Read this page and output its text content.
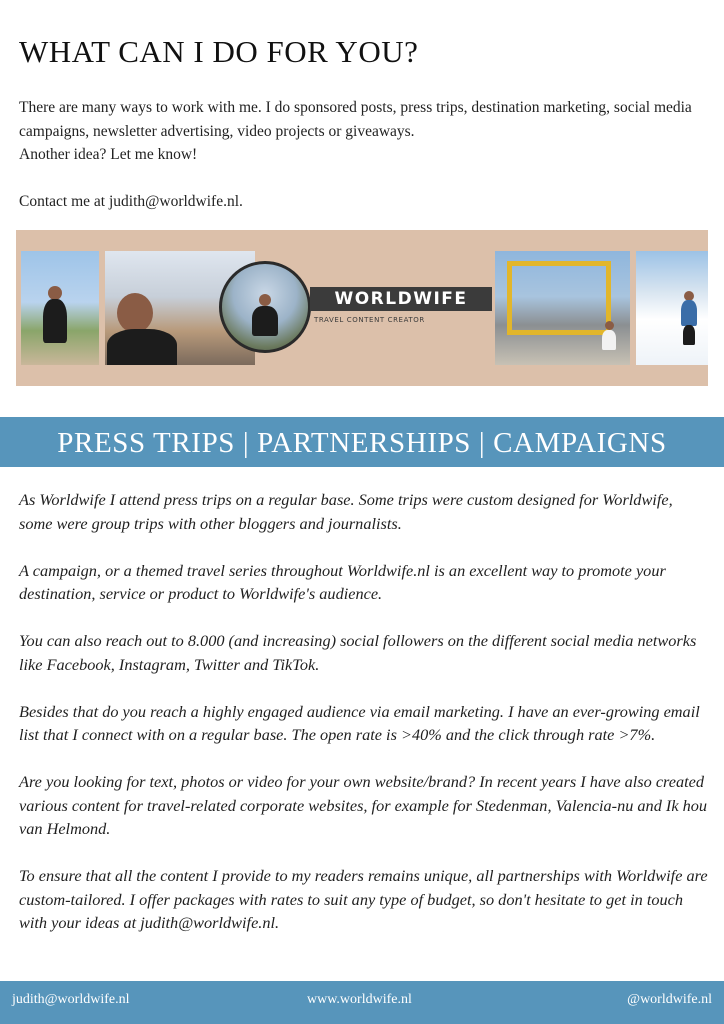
WHAT CAN I DO FOR YOU?

There are many ways to work with me. I do sponsored posts, press trips, destination marketing, social media campaigns, newsletter advertising, video projects or giveaways.

Another idea? Let me know!

Contact me at judith@worldwife.nl.

WORLDWIFE
TRAVEL CONTENT CREATOR
PRESS TRIPS | PARTNERSHIPS | CAMPAIGNS

As Worldwife I attend press trips on a regular base. Some trips were custom designed for Worldwife, some were group trips with other bloggers and journalists.

A campaign, or a themed travel series throughout Worldwife.nl is an excellent way to promote your destination, service or product to Worldwife's audience.

You can also reach out to 8.000 (and increasing) social followers on the different social media networks like Facebook, Instagram, Twitter and TikTok.

Besides that do you reach a highly engaged audience via email marketing. I have an ever-growing email list that I connect with on a regular base. The open rate is >40% and the click through rate >7%.

Are you looking for text, photos or video for your own website/brand? In recent years I have also created various content for travel-related corporate websites, for example for Stedenman, Valencia-nu and Ik hou van Helmond.

To ensure that all the content I provide to my readers remains unique, all partnerships with Worldwife are custom-tailored. I offer packages with rates to suit any type of budget, so don't hesitate to get in touch with your ideas at judith@worldwife.nl.

judith@worldwife.nl	www.worldwife.nl	@worldwife.nl
